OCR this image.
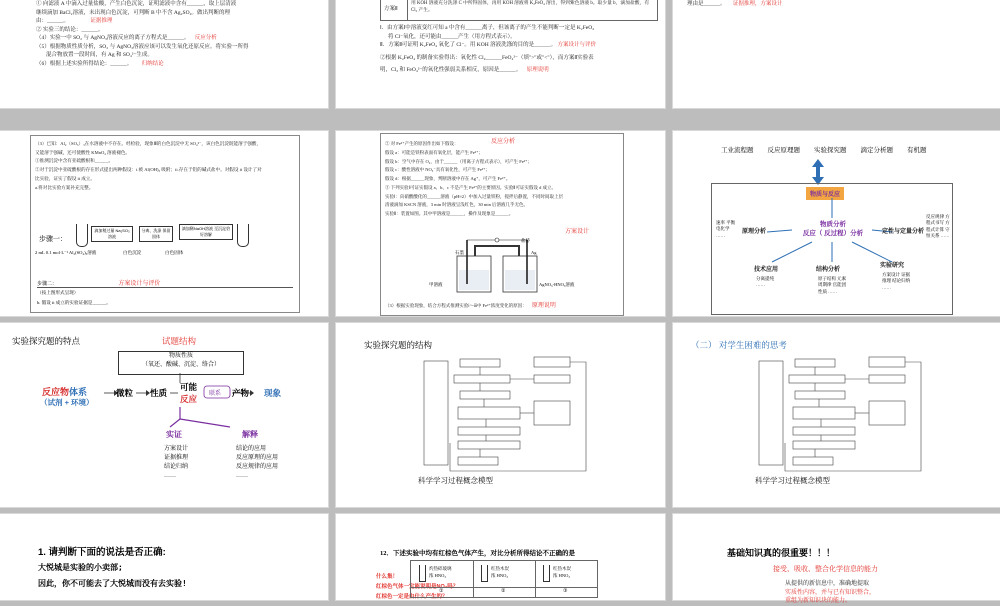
① 向滤液 A 中滴入过量盐酸，产生白色沉淀，证明滤液中含有______，取上层清液
继续滴加 BaCl₂溶液，未出现白色沉淀，可判断 B 中不含 Ag₂SO₄。做出判断的理
由：______。	证据推理
② 实验三的结论：______。
（4）实验一中 SO₂ 与 AgNO₃溶液反应的离子方程式是______。 反应分析
（5）根据物质性质分析，SO₂ 与 AgNO₃溶液应该可以发生氧化还原反应。将实验一所得
混合物放置一段时间，有 Ag 和 SO₄²⁻生成。
（6）根据上述实验所得结论：______。 归纳结论
方案Ⅱ
用 KOH 溶液充分洗涤 C 中所得固体，再用 KOH 溶液将 K₂FeO₄ 溶出，得到紫色溶液 b。取少量 b，滴加盐酸，有 Cl₂ 产生。
Ⅰ．由方案Ⅰ中溶液变红可知 a 中含有______离子，但该离子的产生不能判断一定是 K₂FeO₄
将 Cl⁻氧化，还可能由______产生（用方程式表示）。
Ⅱ．方案Ⅱ可证明 K₂FeO₄ 氧化了 Cl⁻。用 KOH 溶液洗涤的目的是______。 方案设计与评价
②根据 K₂FeO₄ 的制备实验得出：氧化性 Cl₂______FeO₄²⁻（填">"或"<"），而方案Ⅱ实验表
明，Cl₂ 和 FeO₄²⁻的氧化性强弱关系相反，原因是______。 原理说明
理由是______。 证据推理，方案设计
（3）已知：Al₂（SO₃）₃在水溶液中不存在。经检验，现象Ⅲ的白色沉淀中无 SO₄²⁻，该白色沉淀既能溶于强酸，
又能溶于强碱，还可使酸性 KMnO₄ 溶液褪色。
①推测沉淀中含有亚硫酸根和______。
②对于沉淀中亚硫酸根的存在形式提出两种假设：i.被 Al(OH)₃ 吸附；ii.存在于铝的碱式盐中。对假设 ii 设计了对
比实验，证实了假设 ii 成立。
a.将对比实验方案补充完整。
步骤一：
滴加稍过量 Na₂SO₃溶液
分离、洗涤 保留固体
滴加稀NaOH溶液 至沉淀恰好溶解
2 mL 0.1 mol·L⁻¹ Al₂(SO₄)₃溶液	白色沉淀	白色固体
步骤二：	方案设计与评价
（按上图形式呈现）
b. 假设 ii 成立的实验证据是______。
反应分析
② 对 Fe³⁺产生的原因作出如下假设：
假设 a：可能是铁粉表面有氧化层，能产生 Fe³⁺；
假设 b：空气中存在 O₂，由于______（用离子方程式表示），可产生 Fe³⁺；
假设 c：酸性溶液中 NO₃⁻具有氧化性，可产生 Fe³⁺；
假设 d：根据______现象，判断溶液中存在 Ag⁺，可产生 Fe³⁺。
③ 下列实验Ⅰ可证实假设 a、b、c 不是产生 Fe³⁺的主要原因。实验Ⅱ可证实假设 d 成立。
实验Ⅰ：向硝酸酸化的______溶液（pH≈2）中加入过量铁粉，搅拌后静置，不同时间取上层
清液滴加 KSCN 溶液，3 min 时溶液呈浅红色，30 min 后溶液几乎无色。
实验Ⅱ：装置如图。其中甲溶液是______，操作及现象是______。
方案设计
盐桥
石墨	Ag
甲溶液	AgNO₃-HNO₃溶液
（3）根据实验现象，结合方程式推测实验ⅰ～ⅲ中 Fe³⁺浓度变化的原因： 原理说明
工业流程题 反应原理题 实验探究题 滴定分析题 有机题
物质与反应
物质分析
反应（ 反过程）分析
原理分析
速率 平衡 电化学 ……
定性与定量分析
反应规律 方程式书写 方程式计算 守恒关系 ……
技术应用
分离提纯 ……
结构分析
原子结构 元素周期律 官能团性质 ……
实验研究
方案设计 证据推理 结论归纳 ……
实验探究题的特点	试题结构
物质性质
（氧还、酸碱、沉淀、络合）
反应物体系
（试剂 + 环境）
微粒 性质
可能
反应 联系 产物 现象
实证	解释
方案设计
证据推理
结论归纳
……
结论的应用
反应原理的应用
反应规律的应用
……
实验探究题的结构
科学学习过程概念模型
（二） 对学生困难的思考
科学学习过程概念模型
1. 请判断下面的说法是否正确:
大悦城是实验的小卖部;
因此，你不可能去了大悦城而没有去实验!
12．下述实验中均有红棕色气体产生，对比分析所得结论不正确的是
什么集！
红棕色气体一定能说明是NO₂吗？
红棕色一定是由什么产生的？
灼热碎玻璃
浓 HNO₃
红热木炭
浓 HNO₃
红热木炭
浓 HNO₃
①	②	③
基础知识真的很重要！！！
接受、吸收、整合化学信息的能力
从提供的新信息中，准确地提取
实质性内容，并与已有知识整合，
重组为新知识块的能力。
